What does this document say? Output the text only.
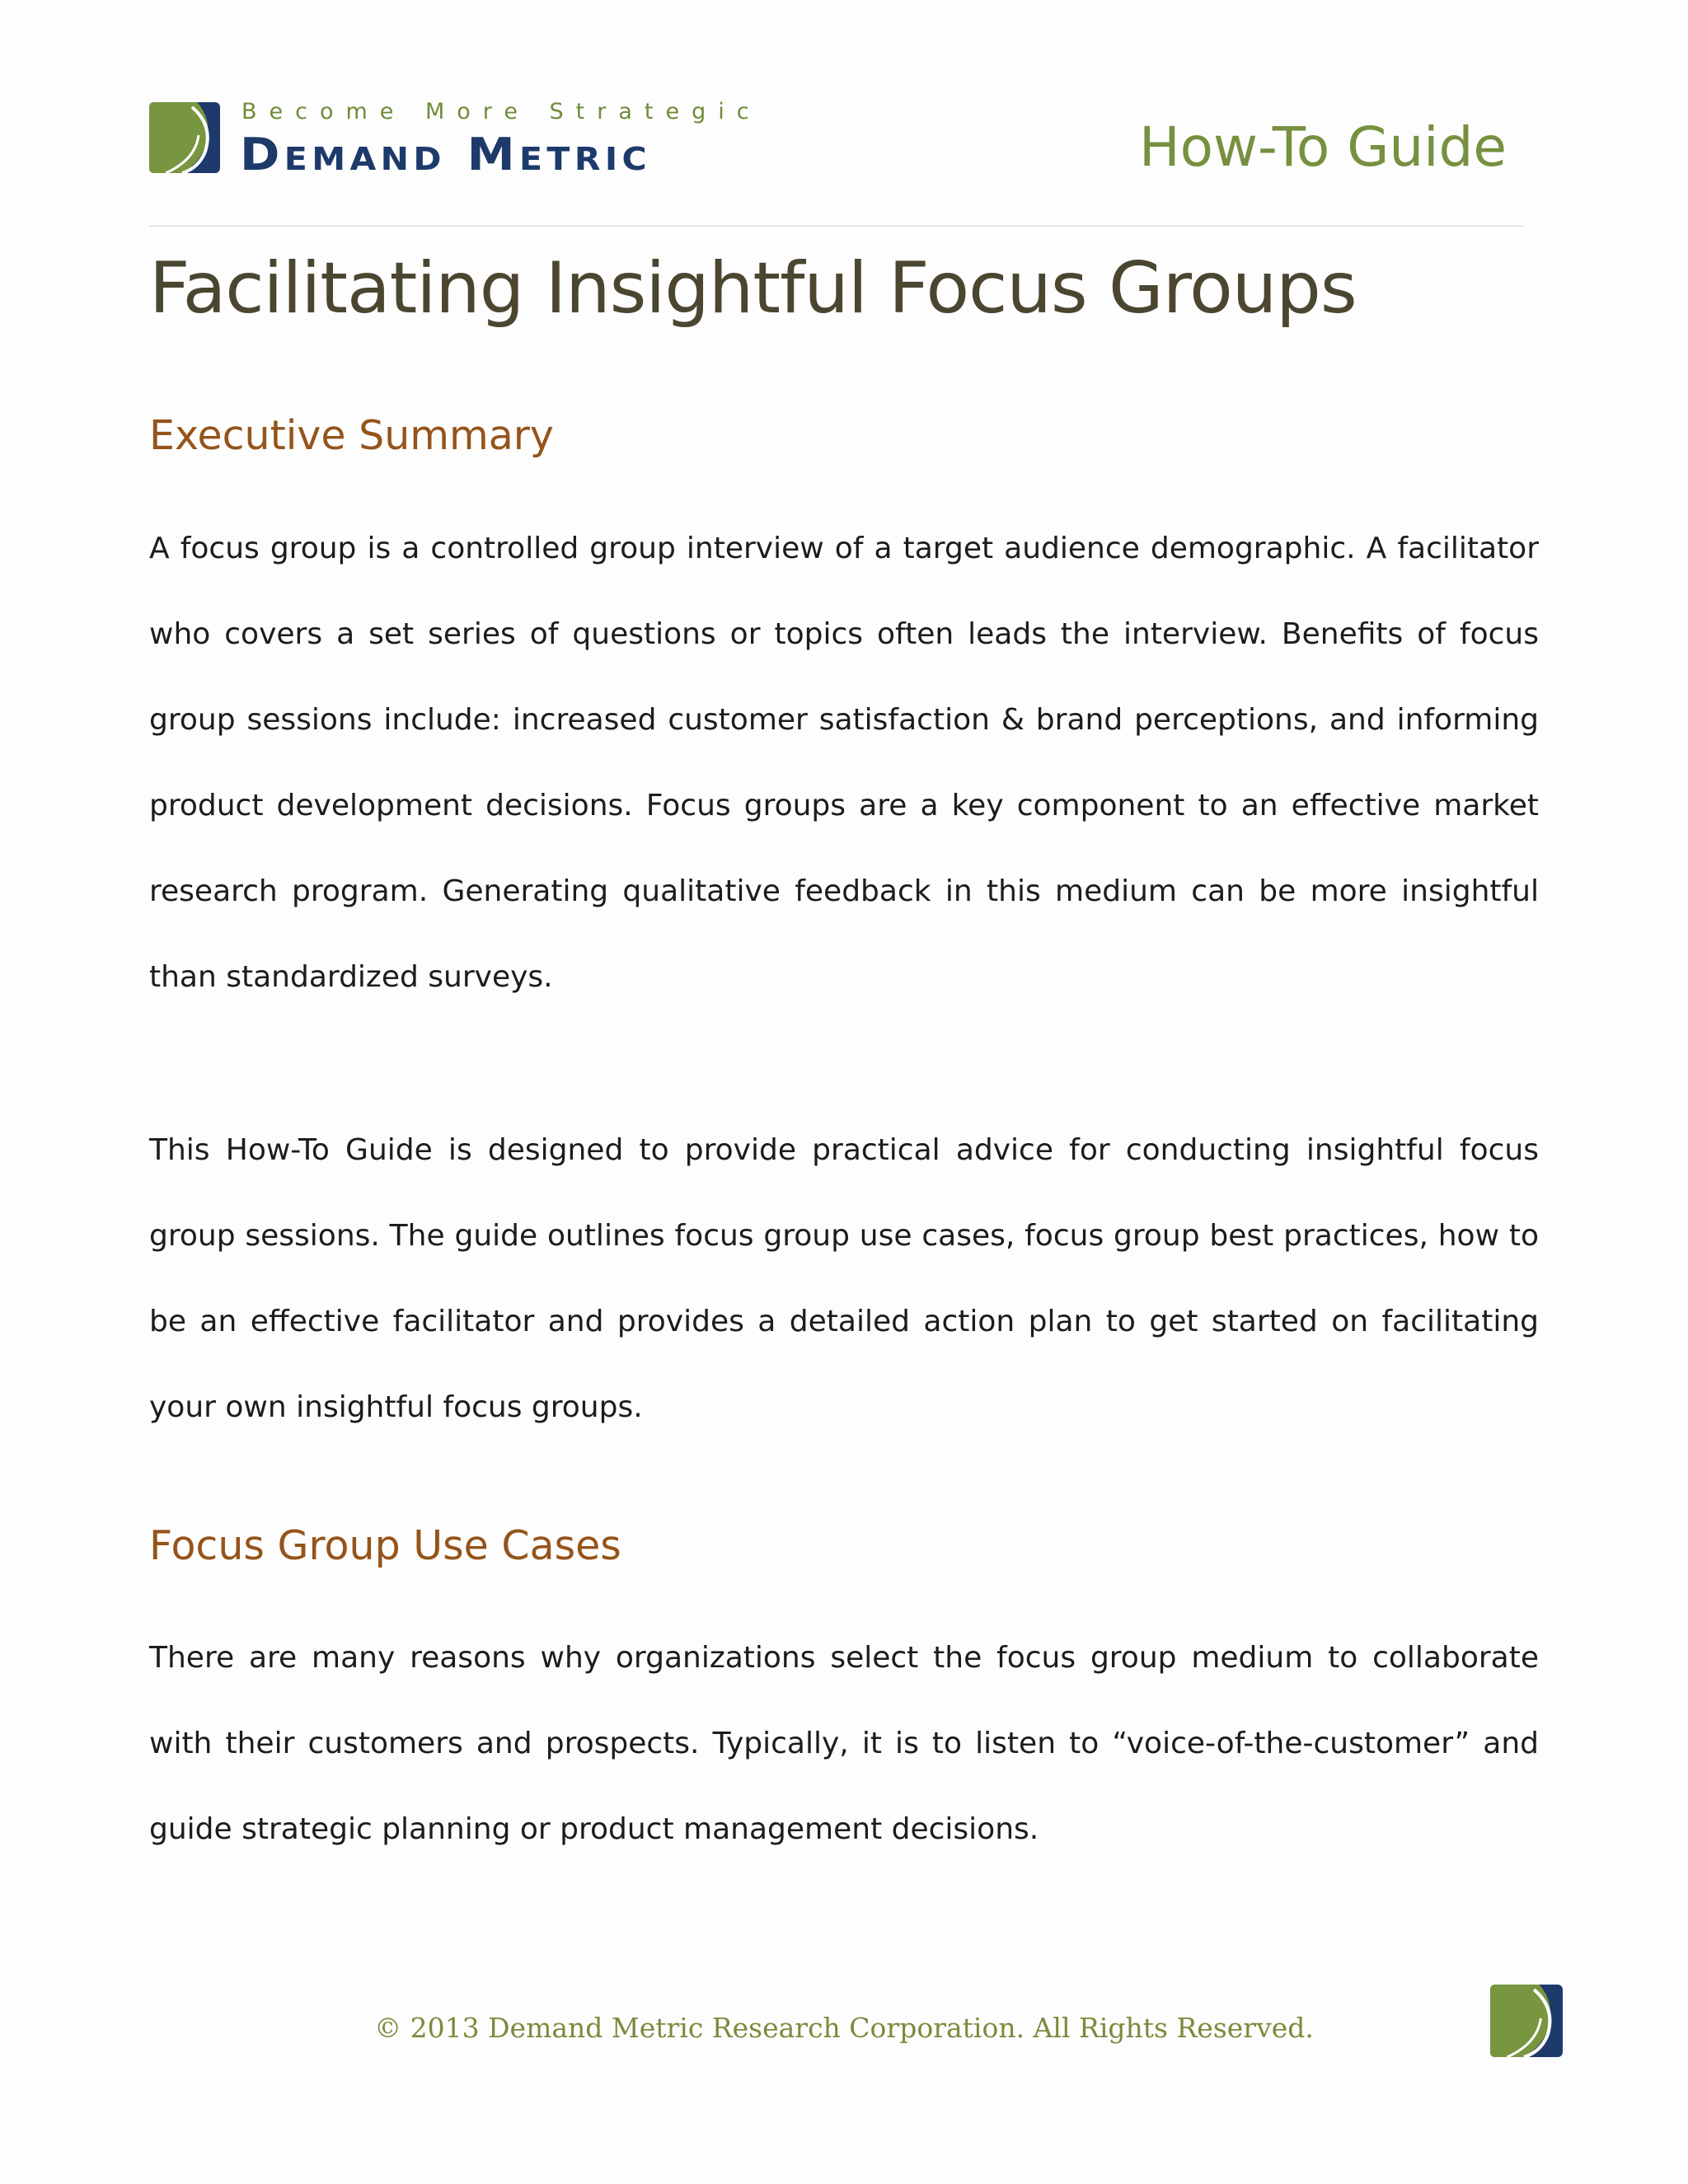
Become More Strategic
Demand Metric	How-To Guide
Facilitating Insightful Focus Groups
Executive Summary

A focus group is a controlled group interview of a target audience demographic. A facilitator who covers a set series of questions or topics often leads the interview. Benefits of focus group sessions include: increased customer satisfaction & brand perceptions, and informing product development decisions. Focus groups are a key component to an effective market research program. Generating qualitative feedback in this medium can be more insightful than standardized surveys.

This How-To Guide is designed to provide practical advice for conducting insightful focus group sessions. The guide outlines focus group use cases, focus group best practices, how to be an effective facilitator and provides a detailed action plan to get started on facilitating your own insightful focus groups.

Focus Group Use Cases

There are many reasons why organizations select the focus group medium to collaborate with their customers and prospects. Typically, it is to listen to “voice-of-the-customer” and guide strategic planning or product management decisions.

© 2013 Demand Metric Research Corporation. All Rights Reserved.
